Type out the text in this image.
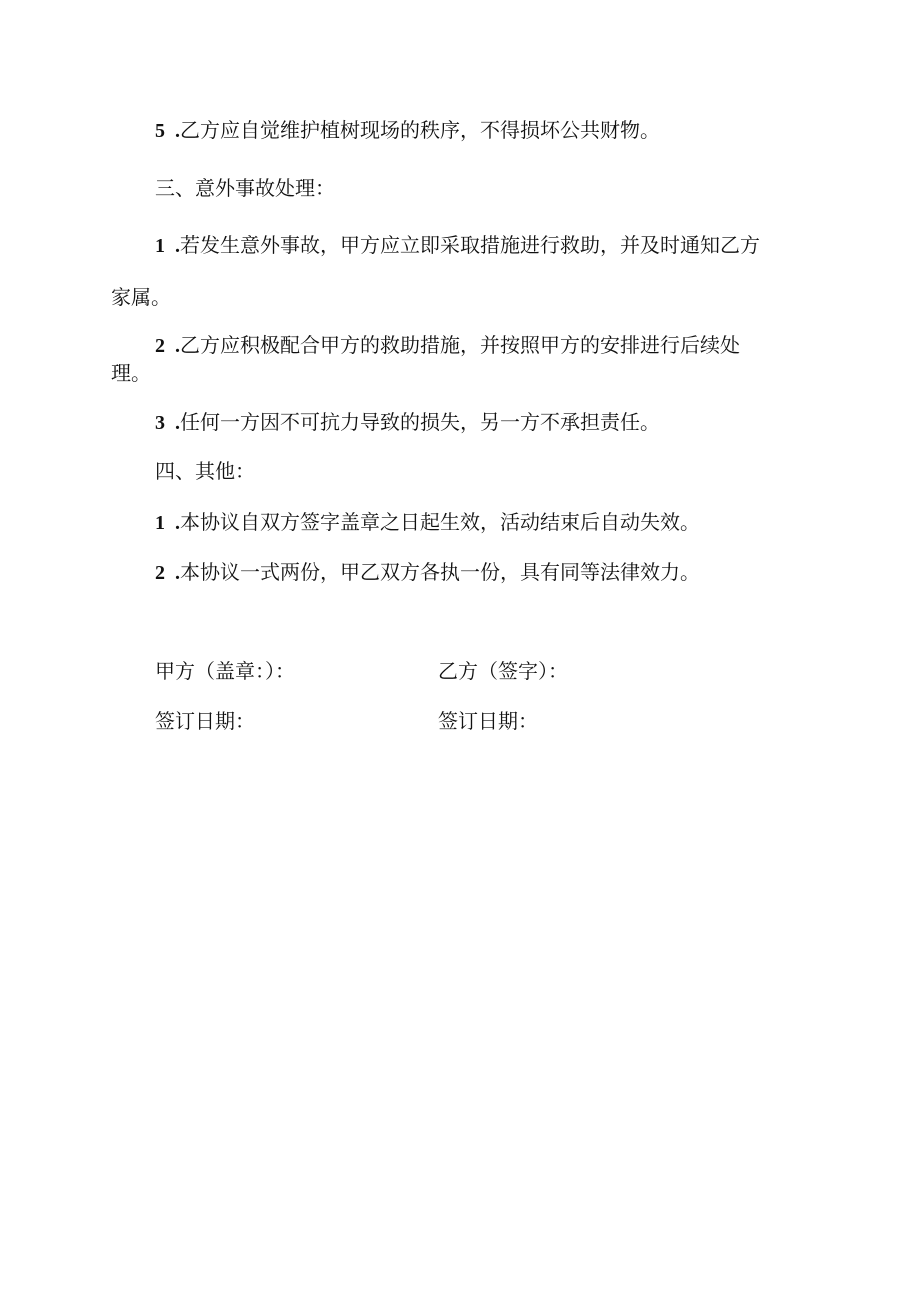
5 .乙方应自觉维护植树现场的秩序，不得损坏公共财物。
三、意外事故处理：
1 .若发生意外事故，甲方应立即采取措施进行救助，并及时通知乙方
家属。
2 .乙方应积极配合甲方的救助措施，并按照甲方的安排进行后续处
理。
3 .任何一方因不可抗力导致的损失，另一方不承担责任。
四、其他：
1 .本协议自双方签字盖章之日起生效，活动结束后自动失效。
2 .本协议一式两份，甲乙双方各执一份，具有同等法律效力。
甲方（盖章：）：	乙方（签字）：
签订日期：	签订日期：
